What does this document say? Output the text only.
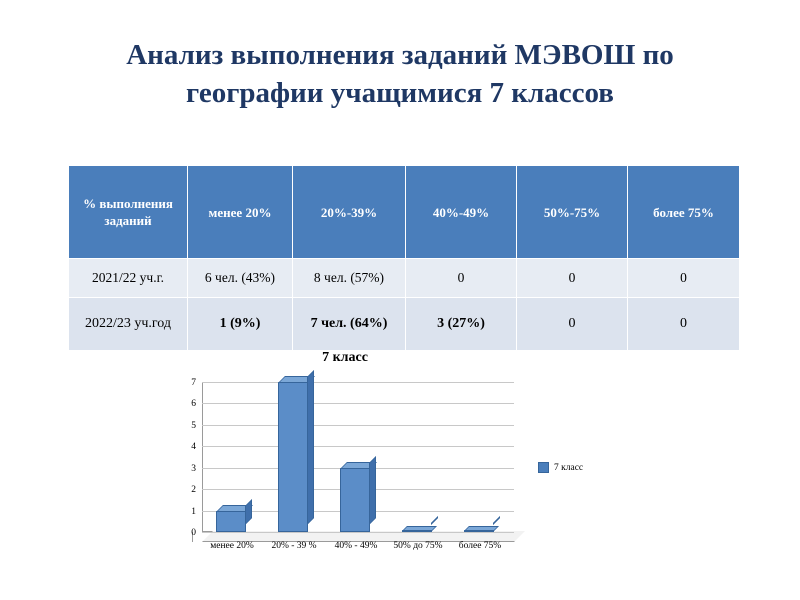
Анализ выполнения заданий МЭВОШ по географии учащимися 7 классов
% выполнения заданий	менее 20%	20%-39%	40%-49%	50%-75%	более 75%
2021/22 уч.г.	6 чел. (43%)	8 чел. (57%)	0	0	0
2022/23 уч.год	1 (9%)	7 чел. (64%)	3 (27%)	0	0
7 класс
7
6
5
4
3
2
1
0
менее 20%	20% - 39 %	40% - 49%	50% до 75%	более 75%
7 класс
